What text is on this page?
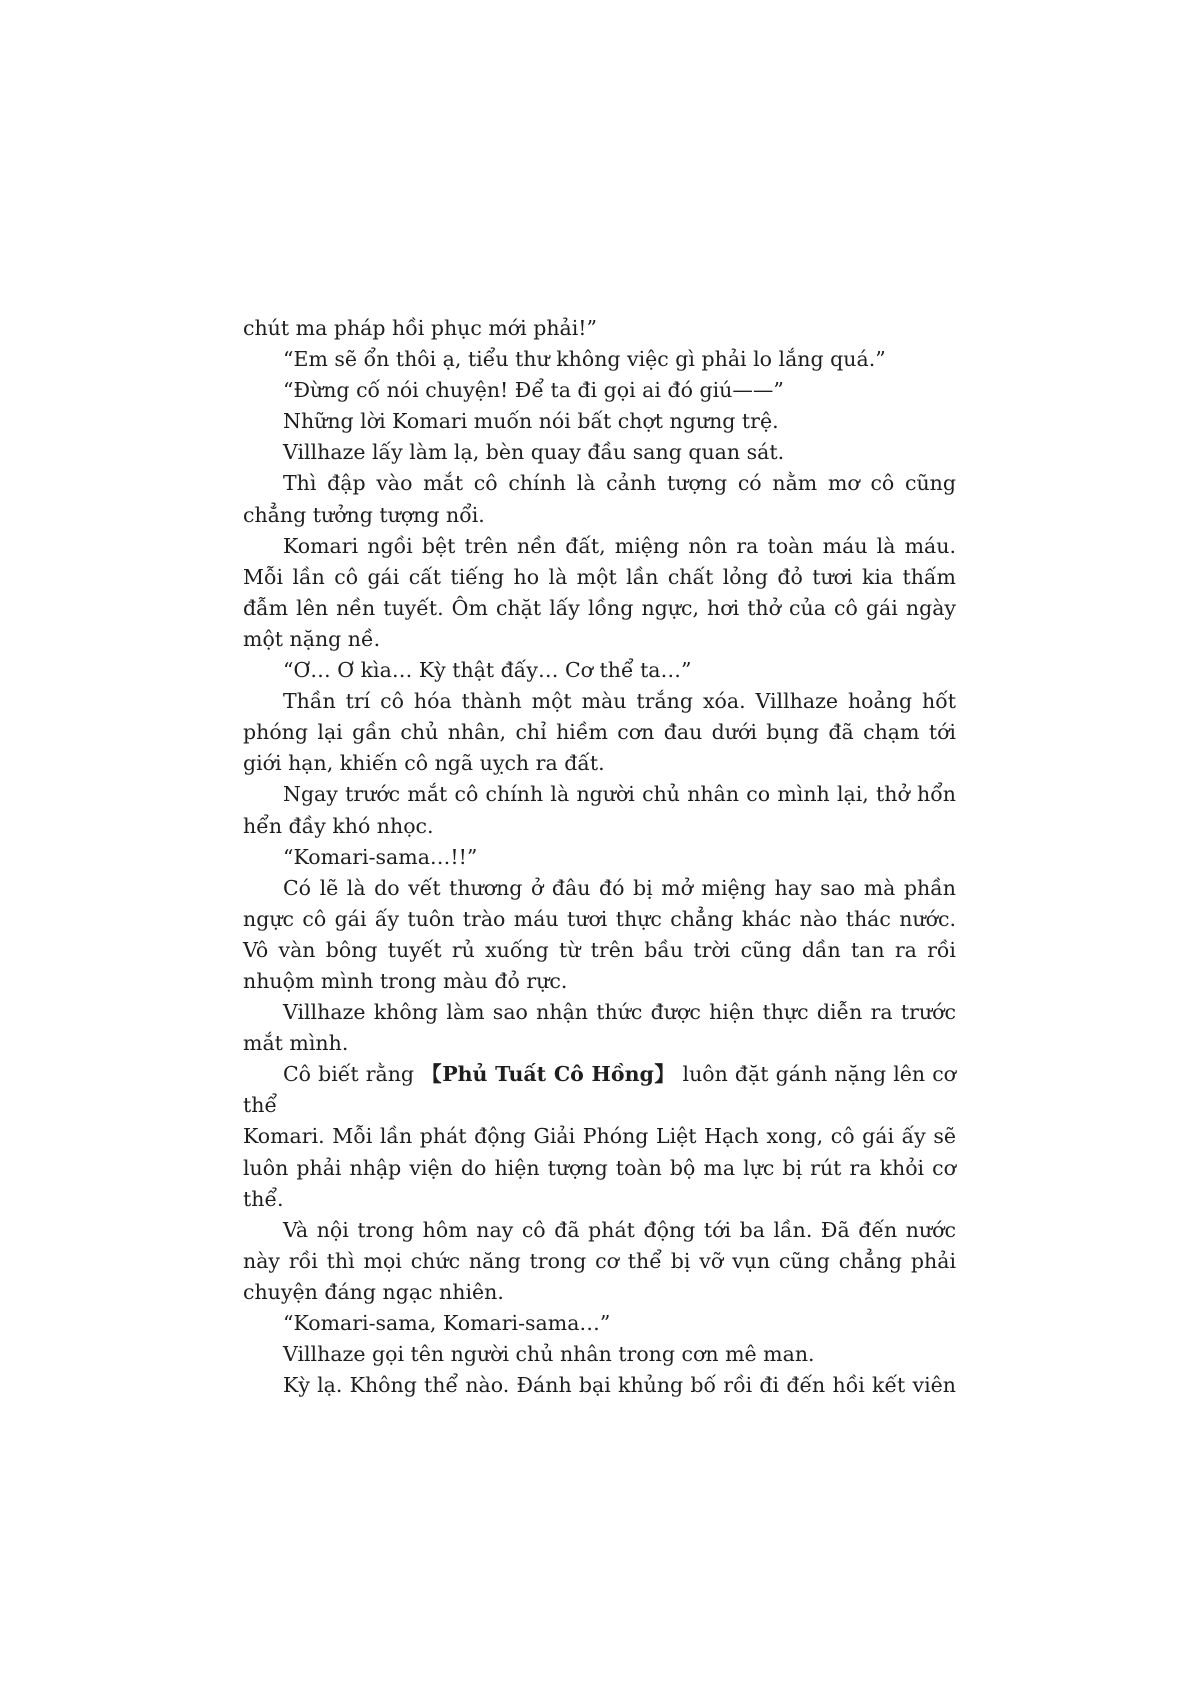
chút ma pháp hồi phục mới phải!”

“Em sẽ ổn thôi ạ, tiểu thư không việc gì phải lo lắng quá.”

“Đừng cố nói chuyện! Để ta đi gọi ai đó giú——”

Những lời Komari muốn nói bất chợt ngưng trệ.

Villhaze lấy làm lạ, bèn quay đầu sang quan sát.

Thì đập vào mắt cô chính là cảnh tượng có nằm mơ cô cũng chẳng tưởng tượng nổi.

Komari ngồi bệt trên nền đất, miệng nôn ra toàn máu là máu. Mỗi lần cô gái cất tiếng ho là một lần chất lỏng đỏ tươi kia thấm đẫm lên nền tuyết. Ôm chặt lấy lồng ngực, hơi thở của cô gái ngày một nặng nề.

“Ơ… Ơ kìa… Kỳ thật đấy… Cơ thể ta…”

Thần trí cô hóa thành một màu trắng xóa. Villhaze hoảng hốt phóng lại gần chủ nhân, chỉ hiềm cơn đau dưới bụng đã chạm tới giới hạn, khiến cô ngã uỵch ra đất.

Ngay trước mắt cô chính là người chủ nhân co mình lại, thở hổn hển đầy khó nhọc.

“Komari-sama…!!”

Có lẽ là do vết thương ở đâu đó bị mở miệng hay sao mà phần ngực cô gái ấy tuôn trào máu tươi thực chẳng khác nào thác nước. Vô vàn bông tuyết rủ xuống từ trên bầu trời cũng dần tan ra rồi nhuộm mình trong màu đỏ rực.

Villhaze không làm sao nhận thức được hiện thực diễn ra trước mắt mình.

Cô biết rằng 【Phủ Tuất Cô Hồng】 luôn đặt gánh nặng lên cơ thể

Komari. Mỗi lần phát động Giải Phóng Liệt Hạch xong, cô gái ấy sẽ luôn phải nhập viện do hiện tượng toàn bộ ma lực bị rút ra khỏi cơ thể.

Và nội trong hôm nay cô đã phát động tới ba lần. Đã đến nước này rồi thì mọi chức năng trong cơ thể bị vỡ vụn cũng chẳng phải chuyện đáng ngạc nhiên.

“Komari-sama, Komari-sama…”

Villhaze gọi tên người chủ nhân trong cơn mê man.

Kỳ lạ. Không thể nào. Đánh bại khủng bố rồi đi đến hồi kết viên
